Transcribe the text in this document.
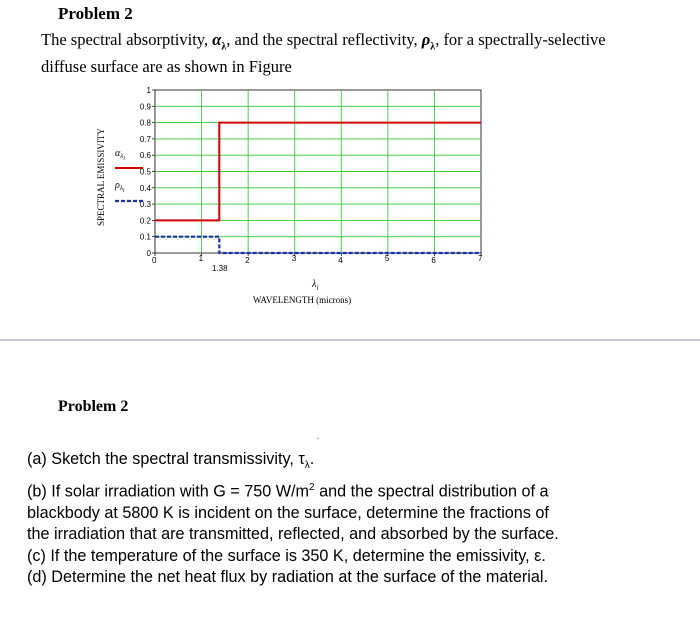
Problem 2
The spectral absorptivity, $\alpha_\lambda$, and the spectral reflectivity, $\rho_\lambda$, for a spectrally-selective
diffuse surface are as shown in Figure
0
0.1
0.2
0.3
0.4
0.5
0.6
0.7
0.8
0.9
1
0	1	2	3	4	5	6	7
1.38
SPECTRAL EMISSIVITY
$\lambda_i$
WAVELENGTH (microns)
$\alpha_{\lambda i}$
$\rho_{\lambda i}$
Problem 2
·
(a) Sketch the spectral transmissivity, $\tau_\lambda$.
(b) If solar irradiation with G = 750 $W/m^2$ and the spectral distribution of a
blackbody at 5800 K is incident on the surface, determine the fractions of
the irradiation that are transmitted, reflected, and absorbed by the surface.
(c) If the temperature of the surface is 350 K, determine the emissivity, ε.
(d) Determine the net heat flux by radiation at the surface of the material.
